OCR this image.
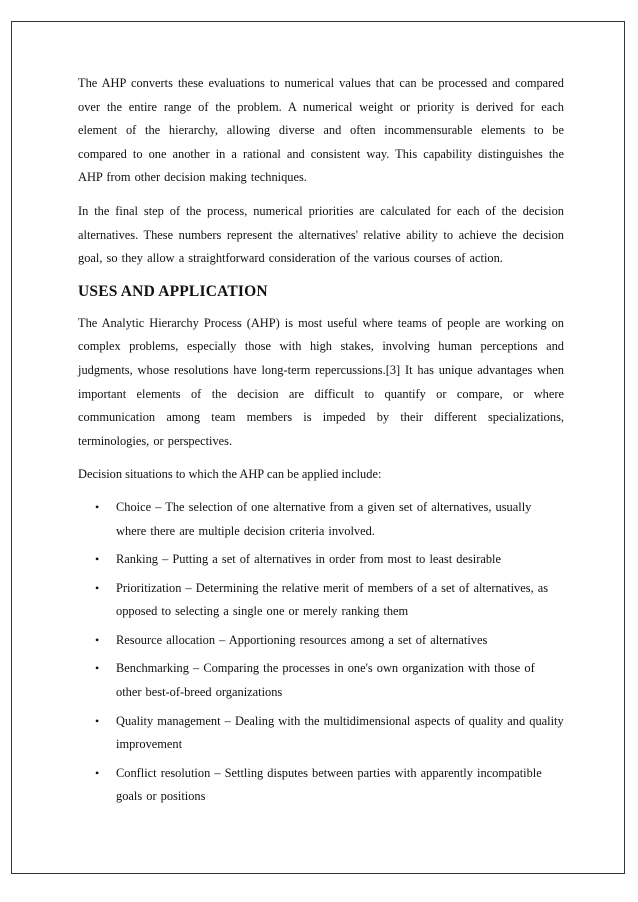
The AHP converts these evaluations to numerical values that can be processed and compared over the entire range of the problem. A numerical weight or priority is derived for each element of the hierarchy, allowing diverse and often incommensurable elements to be compared to one another in a rational and consistent way. This capability distinguishes the AHP from other decision making techniques.

In the final step of the process, numerical priorities are calculated for each of the decision alternatives. These numbers represent the alternatives' relative ability to achieve the decision goal, so they allow a straightforward consideration of the various courses of action.

USES AND APPLICATION

The Analytic Hierarchy Process (AHP) is most useful where teams of people are working on complex problems, especially those with high stakes, involving human perceptions and judgments, whose resolutions have long-term repercussions.[3] It has unique advantages when important elements of the decision are difficult to quantify or compare, or where communication among team members is impeded by their different specializations, terminologies, or perspectives.

Decision situations to which the AHP can be applied include:

• Choice – The selection of one alternative from a given set of alternatives, usually where there are multiple decision criteria involved.
• Ranking – Putting a set of alternatives in order from most to least desirable
• Prioritization – Determining the relative merit of members of a set of alternatives, as opposed to selecting a single one or merely ranking them
• Resource allocation – Apportioning resources among a set of alternatives
• Benchmarking – Comparing the processes in one's own organization with those of other best-of-breed organizations
• Quality management – Dealing with the multidimensional aspects of quality and quality improvement
• Conflict resolution – Settling disputes between parties with apparently incompatible goals or positions
